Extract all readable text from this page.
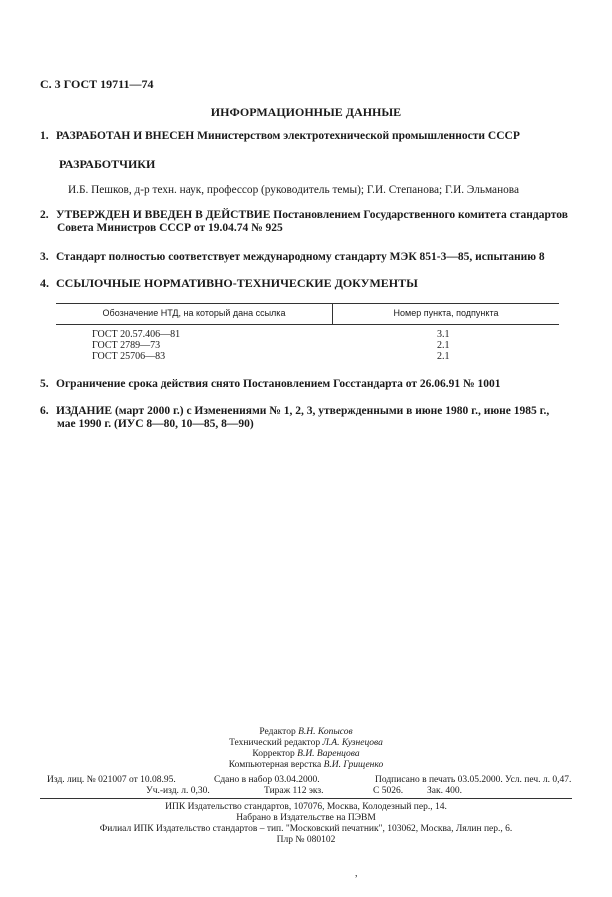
С. 3 ГОСТ 19711—74
ИНФОРМАЦИОННЫЕ ДАННЫЕ
1. РАЗРАБОТАН И ВНЕСЕН Министерством электротехнической промышленности СССР
РАЗРАБОТЧИКИ
И.Б. Пешков, д-р техн. наук, профессор (руководитель темы); Г.И. Степанова; Г.И. Эльманова
2. УТВЕРЖДЕН И ВВЕДЕН В ДЕЙСТВИЕ Постановлением Государственного комитета стандартов
Совета Министров СССР от 19.04.74 № 925
3. Стандарт полностью соответствует международному стандарту МЭК 851-3—85, испытанию 8
4. ССЫЛОЧНЫЕ НОРМАТИВНО-ТЕХНИЧЕСКИЕ ДОКУМЕНТЫ
Обозначение НТД, на который дана ссылка	Номер пункта, подпункта
ГОСТ 20.57.406—81	3.1
ГОСТ 2789—73	2.1
ГОСТ 25706—83	2.1
5. Ограничение срока действия снято Постановлением Госстандарта от 26.06.91 № 1001
6. ИЗДАНИЕ (март 2000 г.) с Изменениями № 1, 2, 3, утвержденными в июне 1980 г., июне 1985 г.,
мае 1990 г. (ИУС 8—80, 10—85, 8—90)
Редактор В.Н. Копысов
Технический редактор Л.А. Кузнецова
Корректор В.И. Варенцова
Компьютерная верстка В.И. Грищенко
Изд. лиц. № 021007 от 10.08.95.	Сдано в набор 03.04.2000.	Подписано в печать 03.05.2000. Усл. печ. л. 0,47.
Уч.-изд. л. 0,30.	Тираж 112 экз.	С 5026.	Зак. 400.
ИПК Издательство стандартов, 107076, Москва, Колодезный пер., 14.
Набрано в Издательстве на ПЭВМ
Филиал ИПК Издательство стандартов – тип. "Московский печатник", 103062, Москва, Лялин пер., 6.
Плр № 080102
,
